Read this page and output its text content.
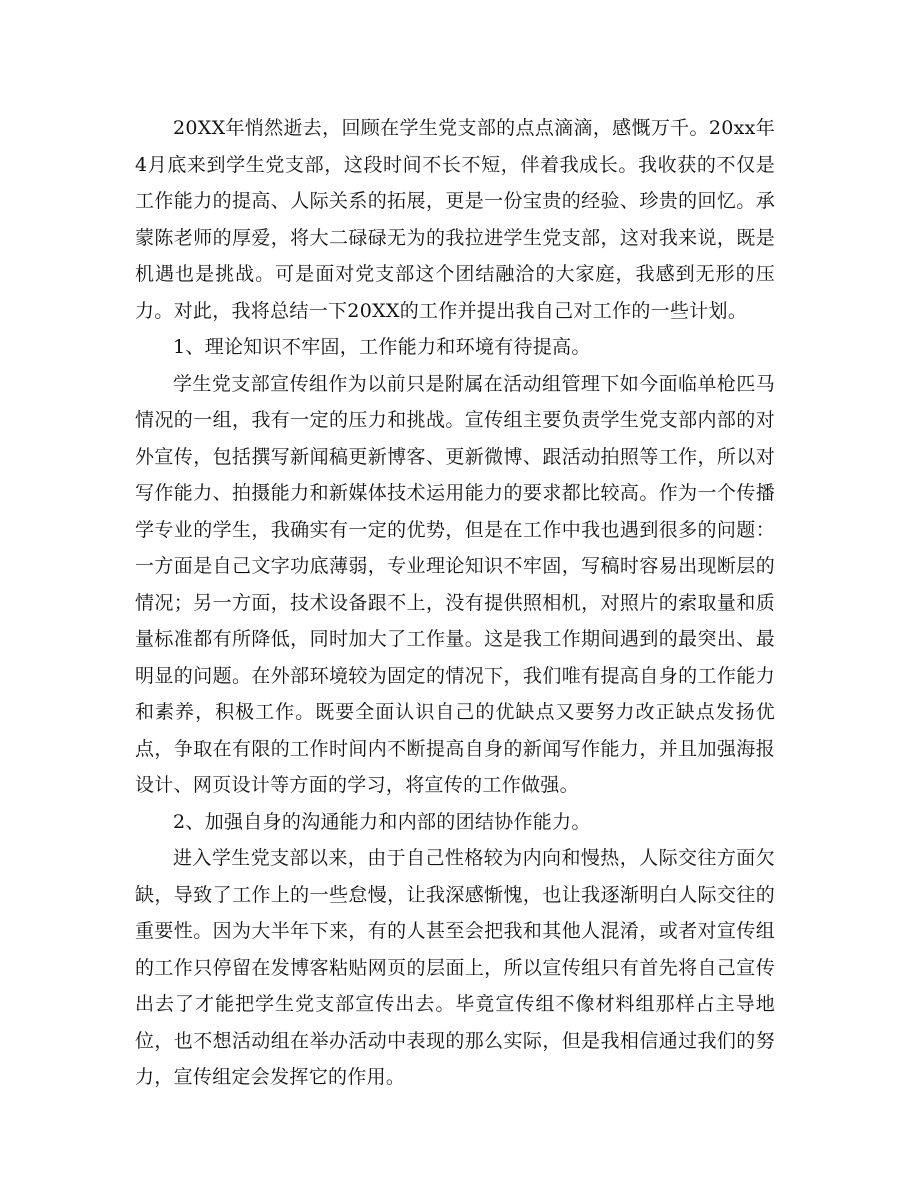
20XX年悄然逝去，回顾在学生党支部的点点滴滴，感慨万千。20xx年4月底来到学生党支部，这段时间不长不短，伴着我成长。我收获的不仅是工作能力的提高、人际关系的拓展，更是一份宝贵的经验、珍贵的回忆。承蒙陈老师的厚爱，将大二碌碌无为的我拉进学生党支部，这对我来说，既是机遇也是挑战。可是面对党支部这个团结融洽的大家庭，我感到无形的压力。对此，我将总结一下20XX的工作并提出我自己对工作的一些计划。

1、理论知识不牢固，工作能力和环境有待提高。

学生党支部宣传组作为以前只是附属在活动组管理下如今面临单枪匹马情况的一组，我有一定的压力和挑战。宣传组主要负责学生党支部内部的对外宣传，包括撰写新闻稿更新博客、更新微博、跟活动拍照等工作，所以对写作能力、拍摄能力和新媒体技术运用能力的要求都比较高。作为一个传播学专业的学生，我确实有一定的优势，但是在工作中我也遇到很多的问题：一方面是自己文字功底薄弱，专业理论知识不牢固，写稿时容易出现断层的情况；另一方面，技术设备跟不上，没有提供照相机，对照片的索取量和质量标准都有所降低，同时加大了工作量。这是我工作期间遇到的最突出、最明显的问题。在外部环境较为固定的情况下，我们唯有提高自身的工作能力和素养，积极工作。既要全面认识自己的优缺点又要努力改正缺点发扬优点，争取在有限的工作时间内不断提高自身的新闻写作能力，并且加强海报设计、网页设计等方面的学习，将宣传的工作做强。

2、加强自身的沟通能力和内部的团结协作能力。

进入学生党支部以来，由于自己性格较为内向和慢热，人际交往方面欠缺，导致了工作上的一些怠慢，让我深感惭愧，也让我逐渐明白人际交往的重要性。因为大半年下来，有的人甚至会把我和其他人混淆，或者对宣传组的工作只停留在发博客粘贴网页的层面上，所以宣传组只有首先将自己宣传出去了才能把学生党支部宣传出去。毕竟宣传组不像材料组那样占主导地位，也不想活动组在举办活动中表现的那么实际，但是我相信通过我们的努力，宣传组定会发挥它的作用。
